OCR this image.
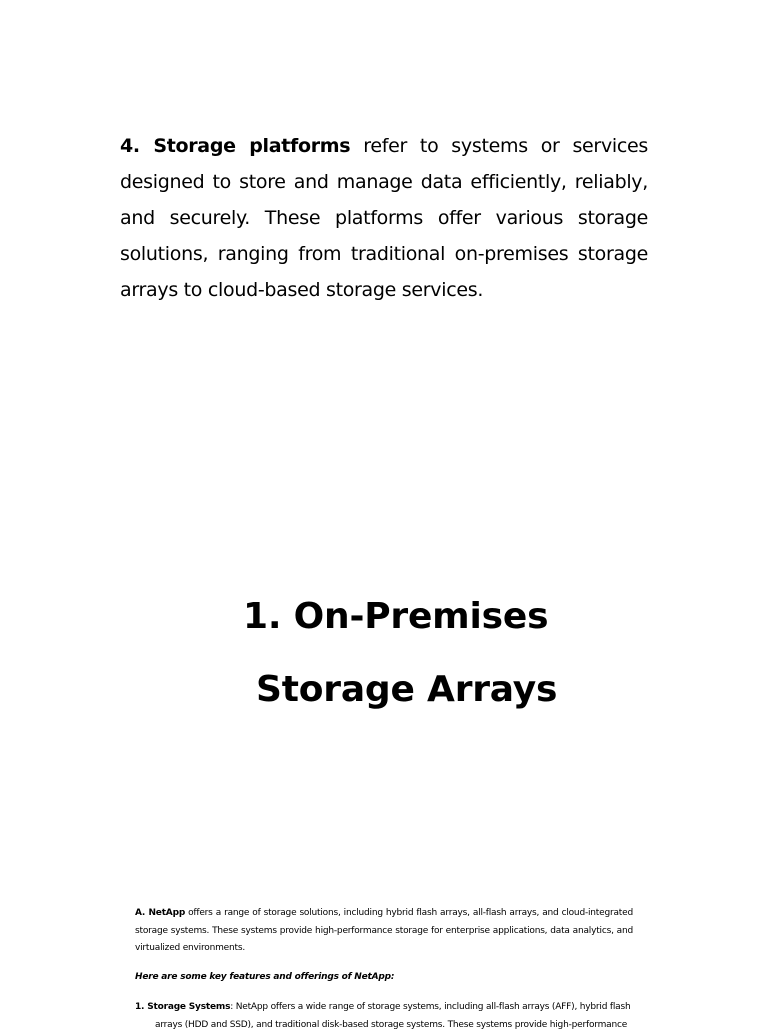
4. Storage platforms refer to systems or services designed to store and manage data efficiently, reliably, and securely. These platforms offer various storage solutions, ranging from traditional on-premises storage arrays to cloud-based storage services.

1. On-Premises
Storage Arrays

A. NetApp offers a range of storage solutions, including hybrid flash arrays, all-flash arrays, and cloud-integrated storage systems. These systems provide high-performance storage for enterprise applications, data analytics, and virtualized environments.

Here are some key features and offerings of NetApp:

1. Storage Systems: NetApp offers a wide range of storage systems, including all-flash arrays (AFF), hybrid flash
arrays (HDD and SSD), and traditional disk-based storage systems. These systems provide high-performance
